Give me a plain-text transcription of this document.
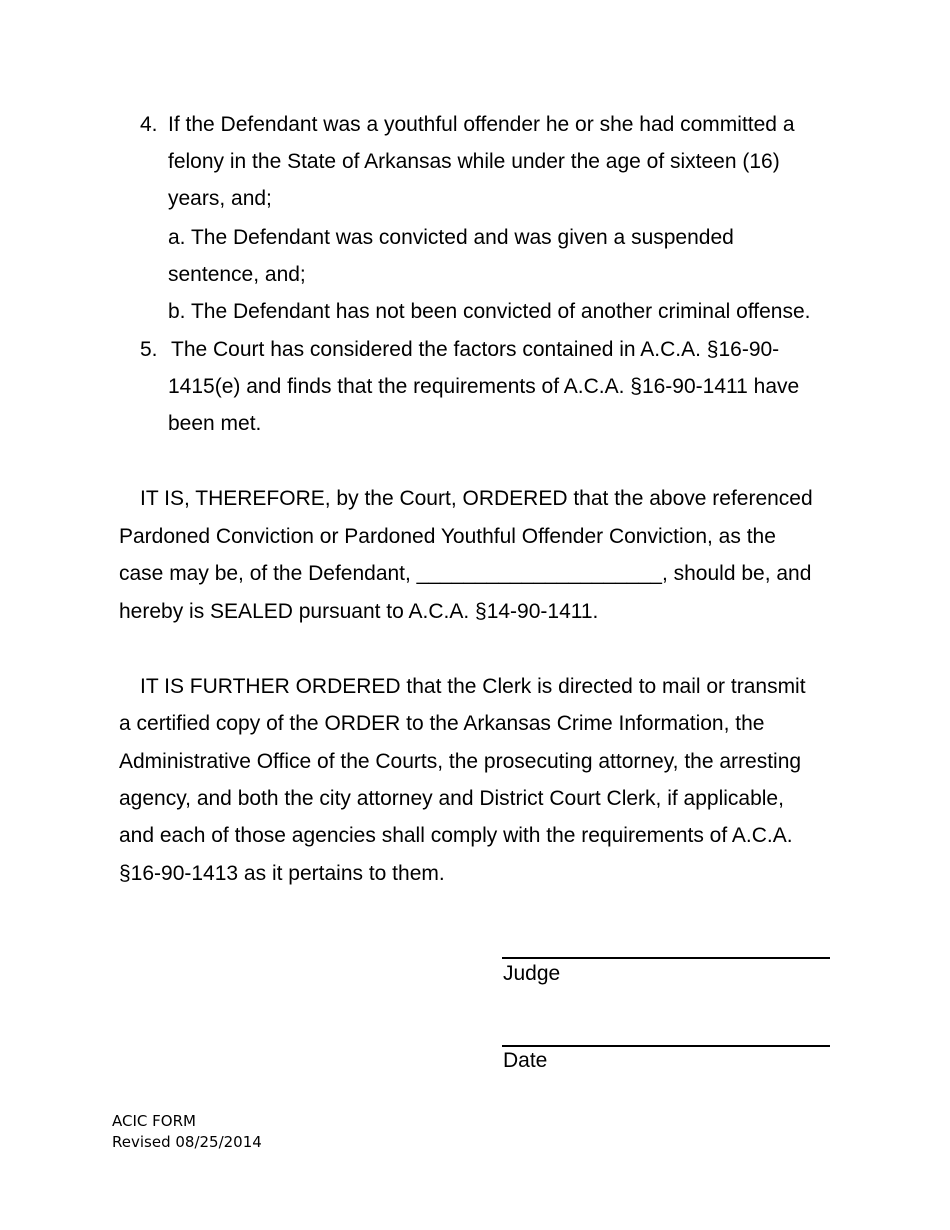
4. If the Defendant was a youthful offender he or she had committed a

felony in the State of Arkansas while under the age of sixteen (16)

years, and;

a. The Defendant was convicted and was given a suspended

sentence, and;

b. The Defendant has not been convicted of another criminal offense.

5. The Court has considered the factors contained in A.C.A. §16-90-

1415(e) and finds that the requirements of A.C.A. §16-90-1411 have

been met.

IT IS, THEREFORE, by the Court, ORDERED that the above referenced

Pardoned Conviction or Pardoned Youthful Offender Conviction, as the

case may be, of the Defendant, _____________________, should be, and

hereby is SEALED pursuant to A.C.A. §14-90-1411.

IT IS FURTHER ORDERED that the Clerk is directed to mail or transmit

a certified copy of the ORDER to the Arkansas Crime Information, the

Administrative Office of the Courts, the prosecuting attorney, the arresting

agency, and both the city attorney and District Court Clerk, if applicable,

and each of those agencies shall comply with the requirements of A.C.A.

§16-90-1413 as it pertains to them.

Judge
Date
ACIC FORM
Revised 08/25/2014
